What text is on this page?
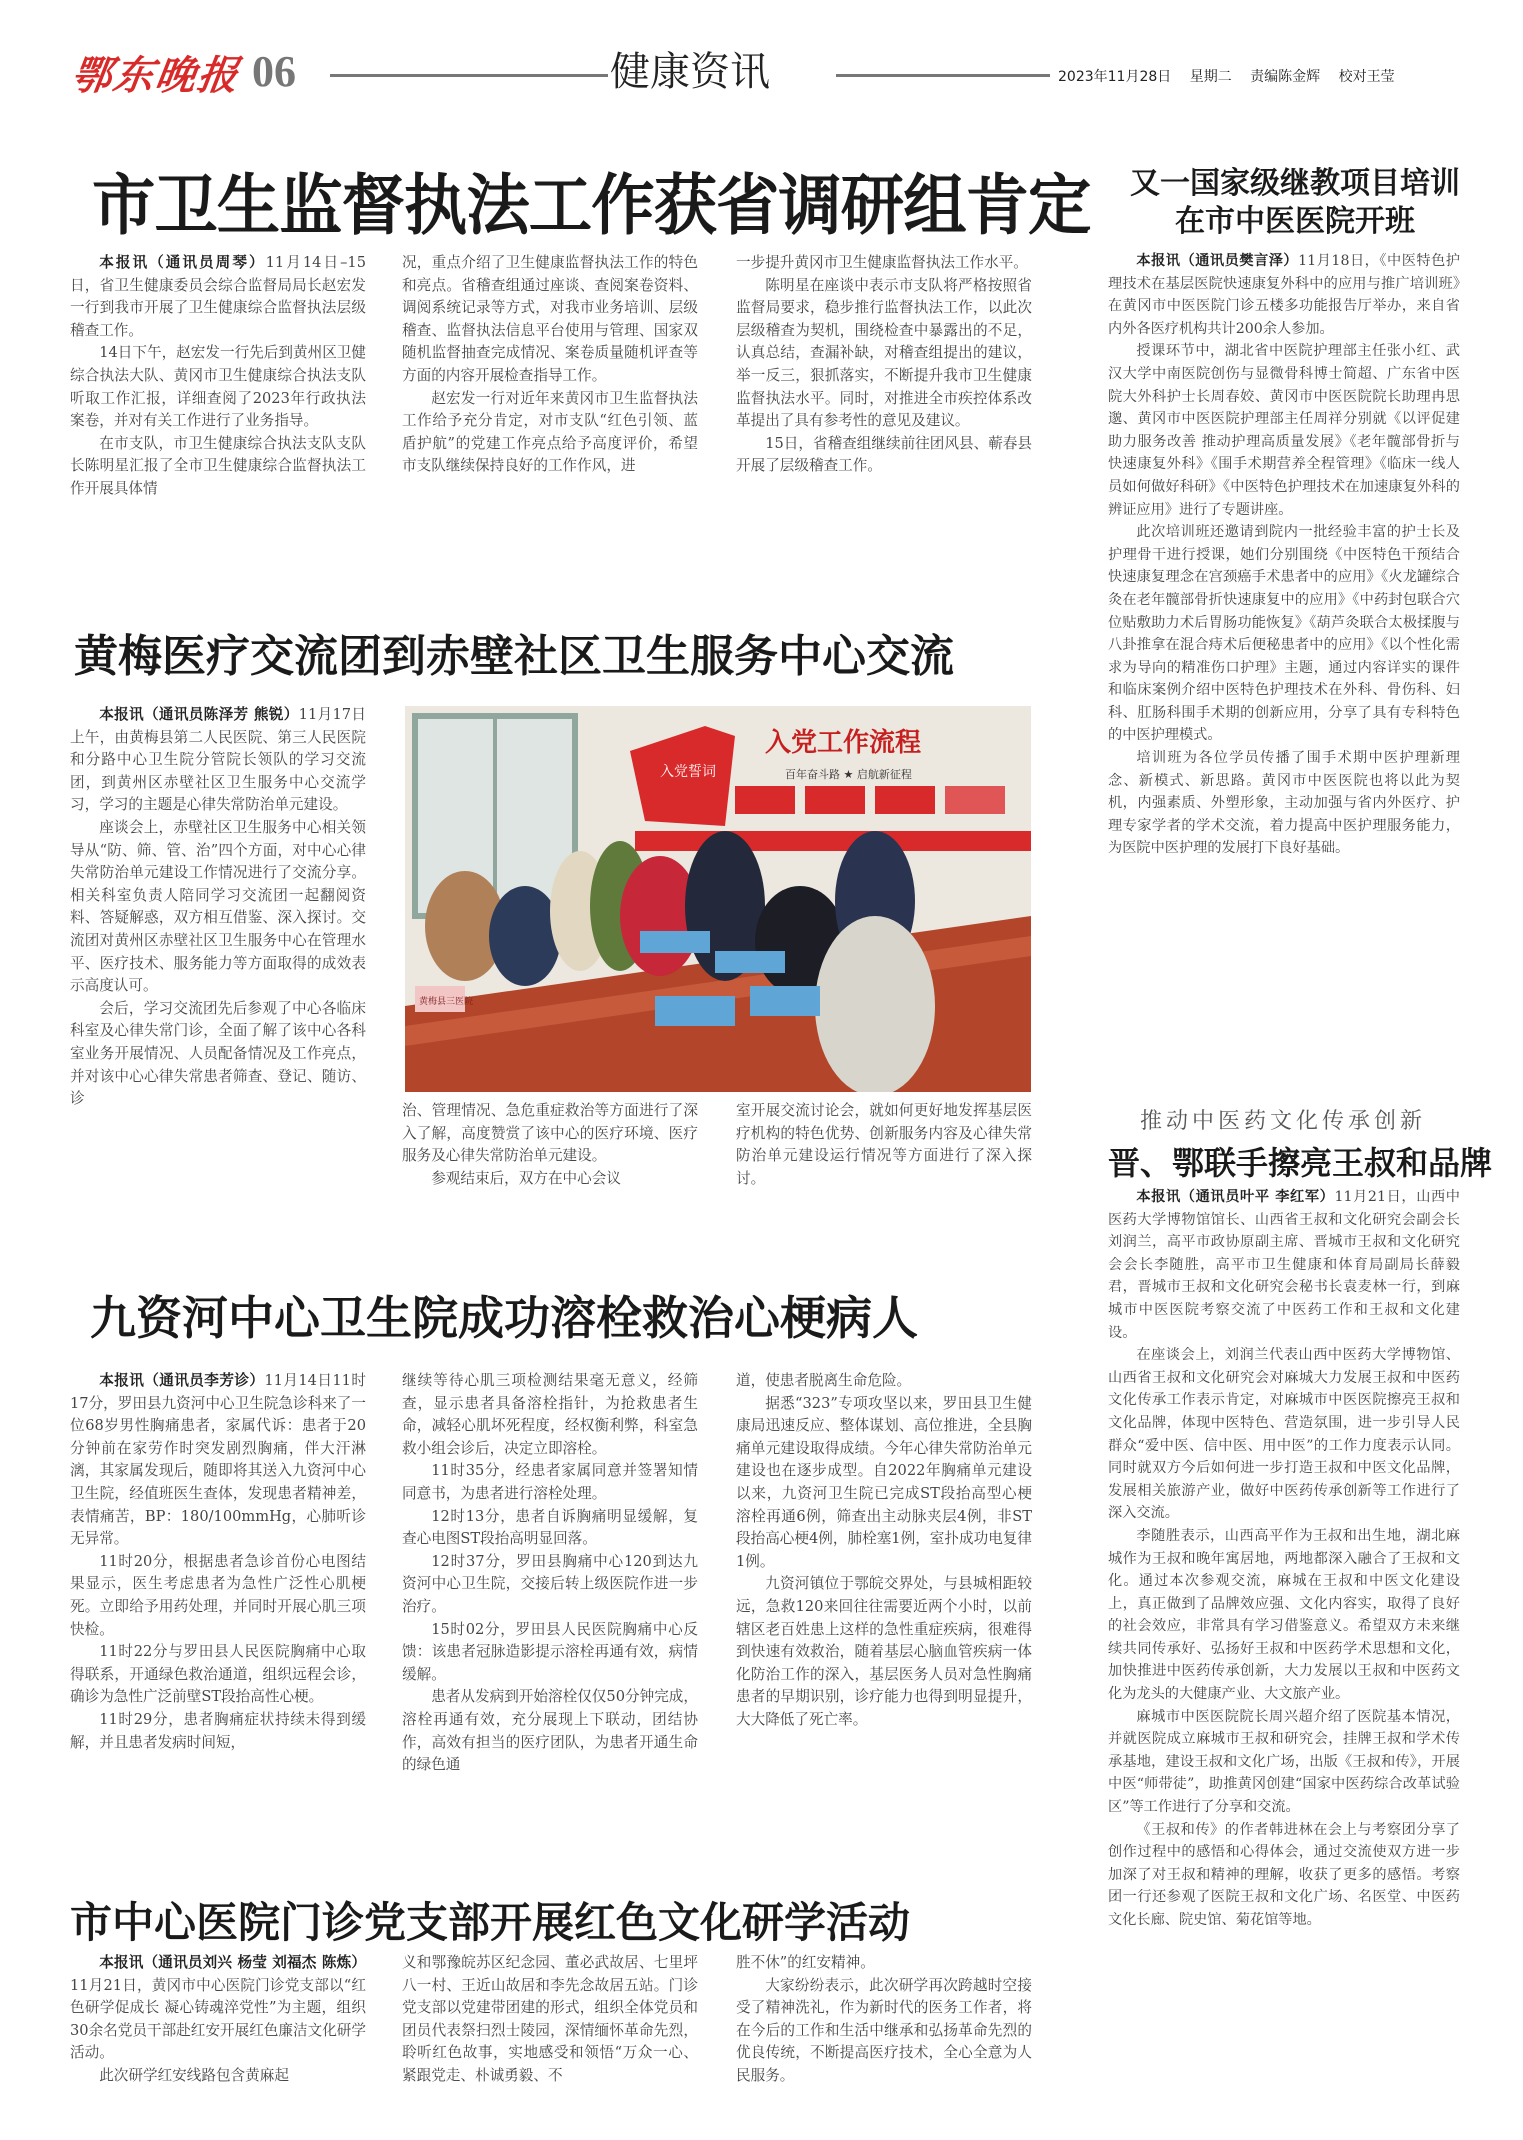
鄂东晚报 06	健康资讯	2023年11月28日 星期二 责编陈金辉 校对王莹
市卫生监督执法工作获省调研组肯定

本报讯（通讯员周琴）11月14日–15日，省卫生健康委员会综合监督局局长赵宏发一行到我市开展了卫生健康综合监督执法层级稽查工作。

14日下午，赵宏发一行先后到黄州区卫健综合执法大队、黄冈市卫生健康综合执法支队听取工作汇报，详细查阅了2023年行政执法案卷，并对有关工作进行了业务指导。

在市支队，市卫生健康综合执法支队支队长陈明星汇报了全市卫生健康综合监督执法工作开展具体情

况，重点介绍了卫生健康监督执法工作的特色和亮点。省稽查组通过座谈、查阅案卷资料、调阅系统记录等方式，对我市业务培训、层级稽查、监督执法信息平台使用与管理、国家双随机监督抽查完成情况、案卷质量随机评查等方面的内容开展检查指导工作。

赵宏发一行对近年来黄冈市卫生监督执法工作给予充分肯定，对市支队“红色引领、蓝盾护航”的党建工作亮点给予高度评价，希望市支队继续保持良好的工作作风，进

一步提升黄冈市卫生健康监督执法工作水平。

陈明星在座谈中表示市支队将严格按照省监督局要求，稳步推行监督执法工作，以此次层级稽查为契机，围绕检查中暴露出的不足，认真总结，查漏补缺，对稽查组提出的建议，举一反三，狠抓落实，不断提升我市卫生健康监督执法水平。同时，对推进全市疾控体系改革提出了具有参考性的意见及建议。

15日，省稽查组继续前往团风县、蕲春县开展了层级稽查工作。

黄梅医疗交流团到赤壁社区卫生服务中心交流

本报讯（通讯员陈泽芳 熊锐）11月17日上午，由黄梅县第二人民医院、第三人民医院和分路中心卫生院分管院长领队的学习交流团，到黄州区赤壁社区卫生服务中心交流学习，学习的主题是心律失常防治单元建设。

座谈会上，赤壁社区卫生服务中心相关领导从“防、筛、管、治”四个方面，对中心心律失常防治单元建设工作情况进行了交流分享。相关科室负责人陪同学习交流团一起翻阅资料、答疑解惑，双方相互借鉴、深入探讨。交流团对黄州区赤壁社区卫生服务中心在管理水平、医疗技术、服务能力等方面取得的成效表示高度认可。

会后，学习交流团先后参观了中心各临床科室及心律失常门诊，全面了解了该中心各科室业务开展情况、人员配备情况及工作亮点，并对该中心心律失常患者筛查、登记、随访、诊

入党誓词
入党工作流程
百年奋斗路 ★ 启航新征程
黄梅县三医院

治、管理情况、急危重症救治等方面进行了深入了解，高度赞赏了该中心的医疗环境、医疗服务及心律失常防治单元建设。

参观结束后，双方在中心会议

室开展交流讨论会，就如何更好地发挥基层医疗机构的特色优势、创新服务内容及心律失常防治单元建设运行情况等方面进行了深入探讨。

九资河中心卫生院成功溶栓救治心梗病人

本报讯（通讯员李芳诊）11月14日11时17分，罗田县九资河中心卫生院急诊科来了一位68岁男性胸痛患者，家属代诉：患者于20分钟前在家劳作时突发剧烈胸痛，伴大汗淋漓，其家属发现后，随即将其送入九资河中心卫生院，经值班医生查体，发现患者精神差，表情痛苦，BP：180/100mmHg，心肺听诊无异常。

11时20分，根据患者急诊首份心电图结果显示，医生考虑患者为急性广泛性心肌梗死。立即给予用药处理，并同时开展心肌三项快检。

11时22分与罗田县人民医院胸痛中心取得联系，开通绿色救治通道，组织远程会诊，确诊为急性广泛前壁ST段抬高性心梗。

11时29分，患者胸痛症状持续未得到缓解，并且患者发病时间短，

继续等待心肌三项检测结果毫无意义，经筛查，显示患者具备溶栓指针，为抢救患者生命，减轻心肌坏死程度，经权衡利弊，科室急救小组会诊后，决定立即溶栓。

11时35分，经患者家属同意并签署知情同意书，为患者进行溶栓处理。

12时13分，患者自诉胸痛明显缓解，复查心电图ST段抬高明显回落。

12时37分，罗田县胸痛中心120到达九资河中心卫生院，交接后转上级医院作进一步治疗。

15时02分，罗田县人民医院胸痛中心反馈：该患者冠脉造影提示溶栓再通有效，病情缓解。

患者从发病到开始溶栓仅仅50分钟完成，溶栓再通有效，充分展现上下联动，团结协作，高效有担当的医疗团队，为患者开通生命的绿色通

道，使患者脱离生命危险。

据悉“323”专项攻坚以来，罗田县卫生健康局迅速反应、整体谋划、高位推进，全县胸痛单元建设取得成绩。今年心律失常防治单元建设也在逐步成型。自2022年胸痛单元建设以来，九资河卫生院已完成ST段抬高型心梗溶栓再通6例，筛查出主动脉夹层4例，非ST段抬高心梗4例，肺栓塞1例，室扑成功电复律1例。

九资河镇位于鄂皖交界处，与县城相距较远，急救120来回往往需要近两个小时，以前辖区老百姓患上这样的急性重症疾病，很难得到快速有效救治，随着基层心脑血管疾病一体化防治工作的深入，基层医务人员对急性胸痛患者的早期识别，诊疗能力也得到明显提升，大大降低了死亡率。

市中心医院门诊党支部开展红色文化研学活动

本报讯（通讯员刘兴 杨莹 刘福杰 陈炼）11月21日，黄冈市中心医院门诊党支部以“红色研学促成长 凝心铸魂淬党性”为主题，组织30余名党员干部赴红安开展红色廉洁文化研学活动。

此次研学红安线路包含黄麻起

义和鄂豫皖苏区纪念园、董必武故居、七里坪八一村、王近山故居和李先念故居五站。门诊党支部以党建带团建的形式，组织全体党员和团员代表祭扫烈士陵园，深情缅怀革命先烈，聆听红色故事，实地感受和领悟“万众一心、紧跟党走、朴诚勇毅、不

胜不休”的红安精神。

大家纷纷表示，此次研学再次跨越时空接受了精神洗礼，作为新时代的医务工作者，将在今后的工作和生活中继承和弘扬革命先烈的优良传统，不断提高医疗技术，全心全意为人民服务。

又一国家级继教项目培训
在市中医医院开班

本报讯（通讯员樊言泽）11月18日，《中医特色护理技术在基层医院快速康复外科中的应用与推广培训班》在黄冈市中医医院门诊五楼多功能报告厅举办，来自省内外各医疗机构共计200余人参加。

授课环节中，湖北省中医院护理部主任张小红、武汉大学中南医院创伤与显微骨科博士简超、广东省中医院大外科护士长周春姣、黄冈市中医医院院长助理冉思邈、黄冈市中医医院护理部主任周祥分别就《以评促建 助力服务改善 推动护理高质量发展》《老年髋部骨折与快速康复外科》《围手术期营养全程管理》《临床一线人员如何做好科研》《中医特色护理技术在加速康复外科的辨证应用》进行了专题讲座。

此次培训班还邀请到院内一批经验丰富的护士长及护理骨干进行授课，她们分别围绕《中医特色干预结合快速康复理念在宫颈癌手术患者中的应用》《火龙罐综合灸在老年髋部骨折快速康复中的应用》《中药封包联合穴位贴敷助力术后胃肠功能恢复》《葫芦灸联合太极揉腹与八卦推拿在混合痔术后便秘患者中的应用》《以个性化需求为导向的精准伤口护理》主题，通过内容详实的课件和临床案例介绍中医特色护理技术在外科、骨伤科、妇科、肛肠科围手术期的创新应用，分享了具有专科特色的中医护理模式。

培训班为各位学员传播了围手术期中医护理新理念、新模式、新思路。黄冈市中医医院也将以此为契机，内强素质、外塑形象，主动加强与省内外医疗、护理专家学者的学术交流，着力提高中医护理服务能力，为医院中医护理的发展打下良好基础。

推动中医药文化传承创新
晋、鄂联手擦亮王叔和品牌

本报讯（通讯员叶平 李红军）11月21日，山西中医药大学博物馆馆长、山西省王叔和文化研究会副会长刘润兰，高平市政协原副主席、晋城市王叔和文化研究会会长李随胜，高平市卫生健康和体育局副局长薛毅君，晋城市王叔和文化研究会秘书长袁麦林一行，到麻城市中医医院考察交流了中医药工作和王叔和文化建设。

在座谈会上，刘润兰代表山西中医药大学博物馆、山西省王叔和文化研究会对麻城大力发展王叔和中医药文化传承工作表示肯定，对麻城市中医医院擦亮王叔和文化品牌，体现中医特色、营造氛围，进一步引导人民群众“爱中医、信中医、用中医”的工作力度表示认同。同时就双方今后如何进一步打造王叔和中医文化品牌，发展相关旅游产业，做好中医药传承创新等工作进行了深入交流。

李随胜表示，山西高平作为王叔和出生地，湖北麻城作为王叔和晚年寓居地，两地都深入融合了王叔和文化。通过本次参观交流，麻城在王叔和中医文化建设上，真正做到了品牌效应强、文化内容实，取得了良好的社会效应，非常具有学习借鉴意义。希望双方未来继续共同传承好、弘扬好王叔和中医药学术思想和文化，加快推进中医药传承创新，大力发展以王叔和中医药文化为龙头的大健康产业、大文旅产业。

麻城市中医医院院长周兴超介绍了医院基本情况，并就医院成立麻城市王叔和研究会，挂牌王叔和学术传承基地，建设王叔和文化广场，出版《王叔和传》，开展中医“师带徒”，助推黄冈创建“国家中医药综合改革试验区”等工作进行了分享和交流。

《王叔和传》的作者韩进林在会上与考察团分享了创作过程中的感悟和心得体会，通过交流使双方进一步加深了对王叔和精神的理解，收获了更多的感悟。考察团一行还参观了医院王叔和文化广场、名医堂、中医药文化长廊、院史馆、菊花馆等地。
